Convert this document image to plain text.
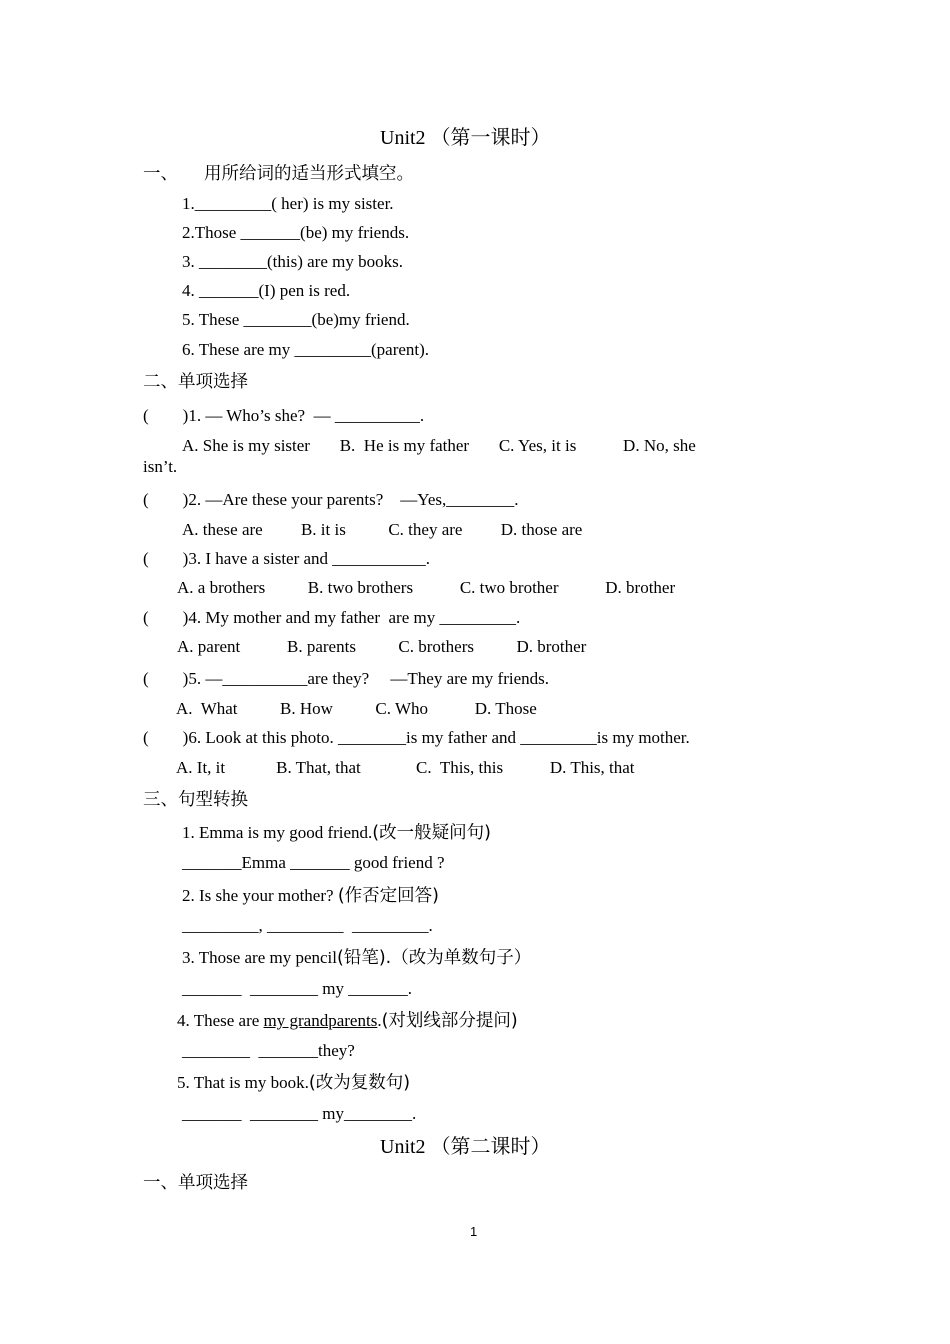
Unit2 （第一课时）
一、 用所给词的适当形式填空。
1._________( her) is my sister.
2.Those _______(be) my friends.
3. ________(this) are my books.
4. _______(I) pen is red.
5. These ________(be)my friend.
6. These are my _________(parent).
二、单项选择
(        )1. — Who’s she?  — __________.
A. She is my sister       B.  He is my father       C. Yes, it is           D. No, she
isn’t.
(        )2. —Are these your parents?    —Yes,________.
A. these are         B. it is          C. they are         D. those are
(        )3. I have a sister and ___________.
A. a brothers          B. two brothers           C. two brother           D. brother
(        )4. My mother and my father  are my _________.
A. parent           B. parents          C. brothers          D. brother
(        )5. —__________are they?     —They are my friends.
A.  What          B. How          C. Who           D. Those
(        )6. Look at this photo. ________is my father and _________is my mother.
A. It, it            B. That, that             C.  This, this           D. This, that
三、句型转换
1. Emma is my good friend.(改一般疑问句)
_______Emma _______ good friend ?
2. Is she your mother? (作否定回答)
_________, _________  _________.
3. Those are my pencil(铅笔).（改为单数句子）
_______  ________ my _______.
4. These are my grandparents.(对划线部分提问)
________  _______they?
5. That is my book.(改为复数句)
_______  ________ my________.
Unit2 （第二课时）
一、单项选择
1
